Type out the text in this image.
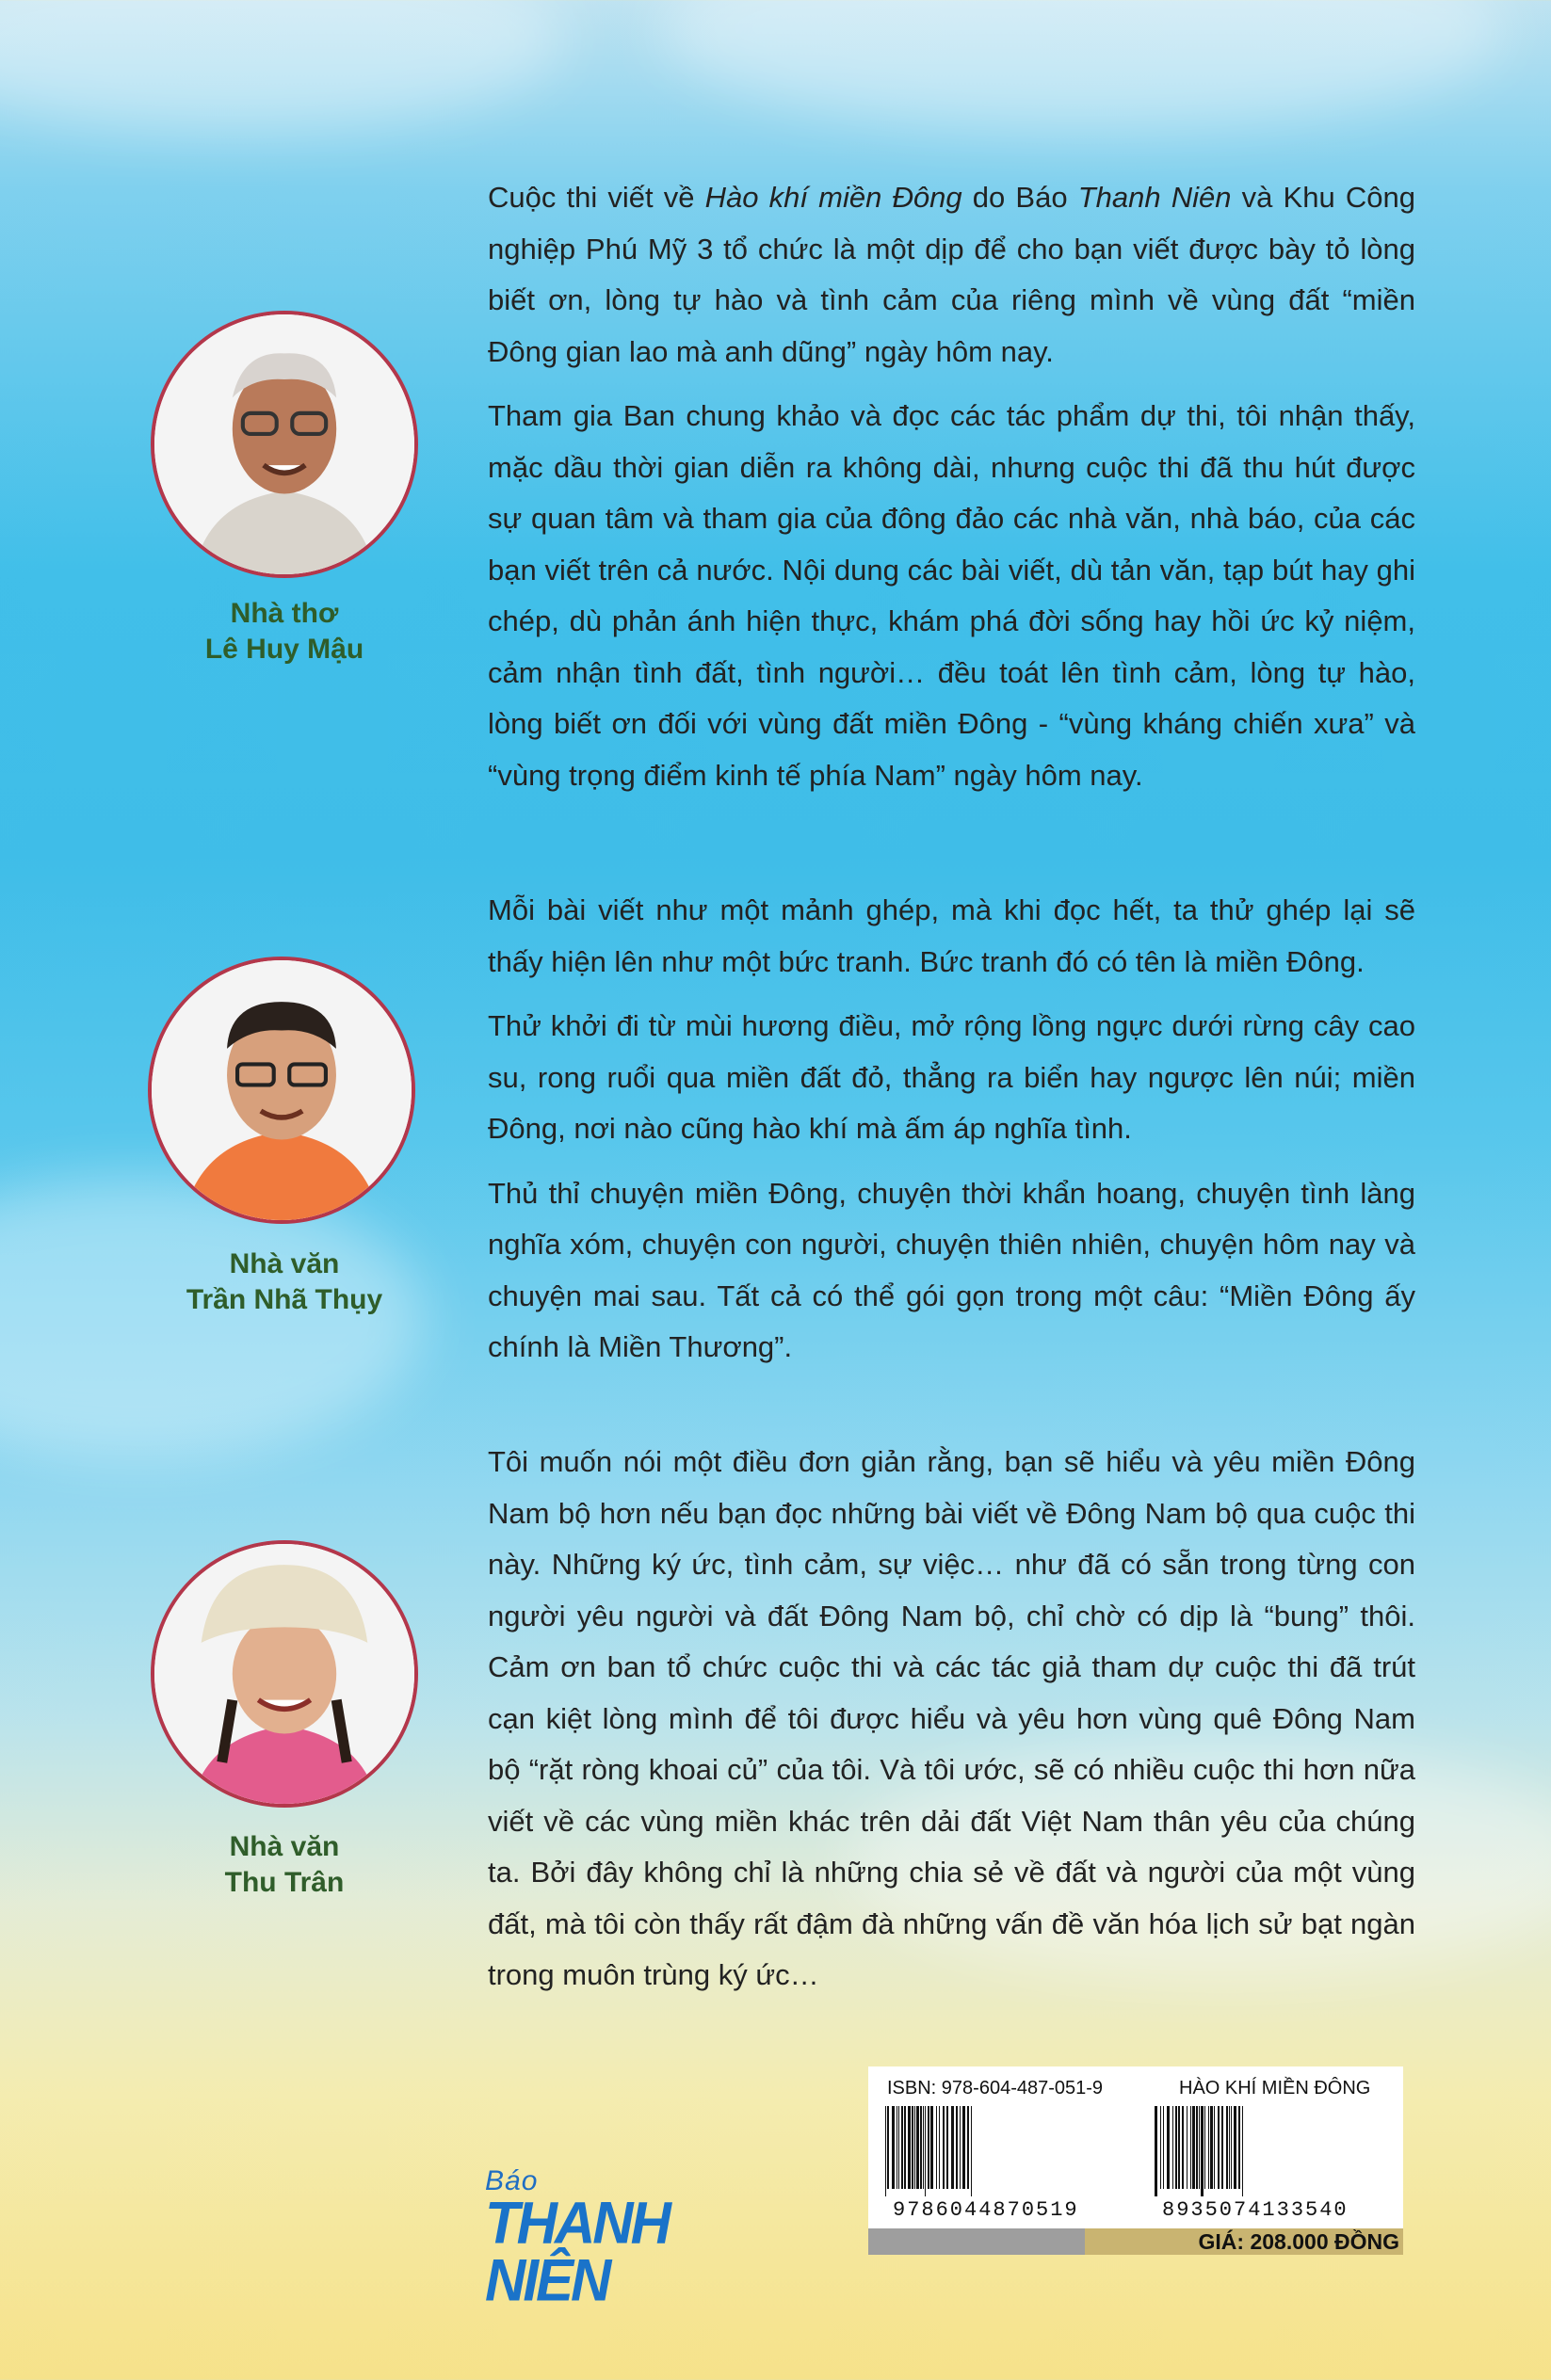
Nhà thơ
Lê Huy Mậu

Cuộc thi viết về Hào khí miền Đông do Báo Thanh Niên và Khu Công nghiệp Phú Mỹ 3 tổ chức là một dịp để cho bạn viết được bày tỏ lòng biết ơn, lòng tự hào và tình cảm của riêng mình về vùng đất “miền Đông gian lao mà anh dũng” ngày hôm nay.

Tham gia Ban chung khảo và đọc các tác phẩm dự thi, tôi nhận thấy, mặc dầu thời gian diễn ra không dài, nhưng cuộc thi đã thu hút được sự quan tâm và tham gia của đông đảo các nhà văn, nhà báo, của các bạn viết trên cả nước. Nội dung các bài viết, dù tản văn, tạp bút hay ghi chép, dù phản ánh hiện thực, khám phá đời sống hay hồi ức kỷ niệm, cảm nhận tình đất, tình người… đều toát lên tình cảm, lòng tự hào, lòng biết ơn đối với vùng đất miền Đông - “vùng kháng chiến xưa” và “vùng trọng điểm kinh tế phía Nam” ngày hôm nay.

Nhà văn
Trần Nhã Thụy

Mỗi bài viết như một mảnh ghép, mà khi đọc hết, ta thử ghép lại sẽ thấy hiện lên như một bức tranh. Bức tranh đó có tên là miền Đông.

Thử khởi đi từ mùi hương điều, mở rộng lồng ngực dưới rừng cây cao su, rong ruổi qua miền đất đỏ, thẳng ra biển hay ngược lên núi; miền Đông, nơi nào cũng hào khí mà ấm áp nghĩa tình.

Thủ thỉ chuyện miền Đông, chuyện thời khẩn hoang, chuyện tình làng nghĩa xóm, chuyện con người, chuyện thiên nhiên, chuyện hôm nay và chuyện mai sau. Tất cả có thể gói gọn trong một câu: “Miền Đông ấy chính là Miền Thương”.

Nhà văn
Thu Trân

Tôi muốn nói một điều đơn giản rằng, bạn sẽ hiểu và yêu miền Đông Nam bộ hơn nếu bạn đọc những bài viết về Đông Nam bộ qua cuộc thi này. Những ký ức, tình cảm, sự việc… như đã có sẵn trong từng con người yêu người và đất Đông Nam bộ, chỉ chờ có dịp là “bung” thôi. Cảm ơn ban tổ chức cuộc thi và các tác giả tham dự cuộc thi đã trút cạn kiệt lòng mình để tôi được hiểu và yêu hơn vùng quê Đông Nam bộ “rặt ròng khoai củ” của tôi. Và tôi ước, sẽ có nhiều cuộc thi hơn nữa viết về các vùng miền khác trên dải đất Việt Nam thân yêu của chúng ta. Bởi đây không chỉ là những chia sẻ về đất và người của một vùng đất, mà tôi còn thấy rất đậm đà những vấn đề văn hóa lịch sử bạt ngàn trong muôn trùng ký ức…

Báo
THANH NIÊN
ISBN: 978-604-487-051-9	HÀO KHÍ MIỀN ĐÔNG
9786044870519	8935074133540
GIÁ: 208.000 ĐỒNG
